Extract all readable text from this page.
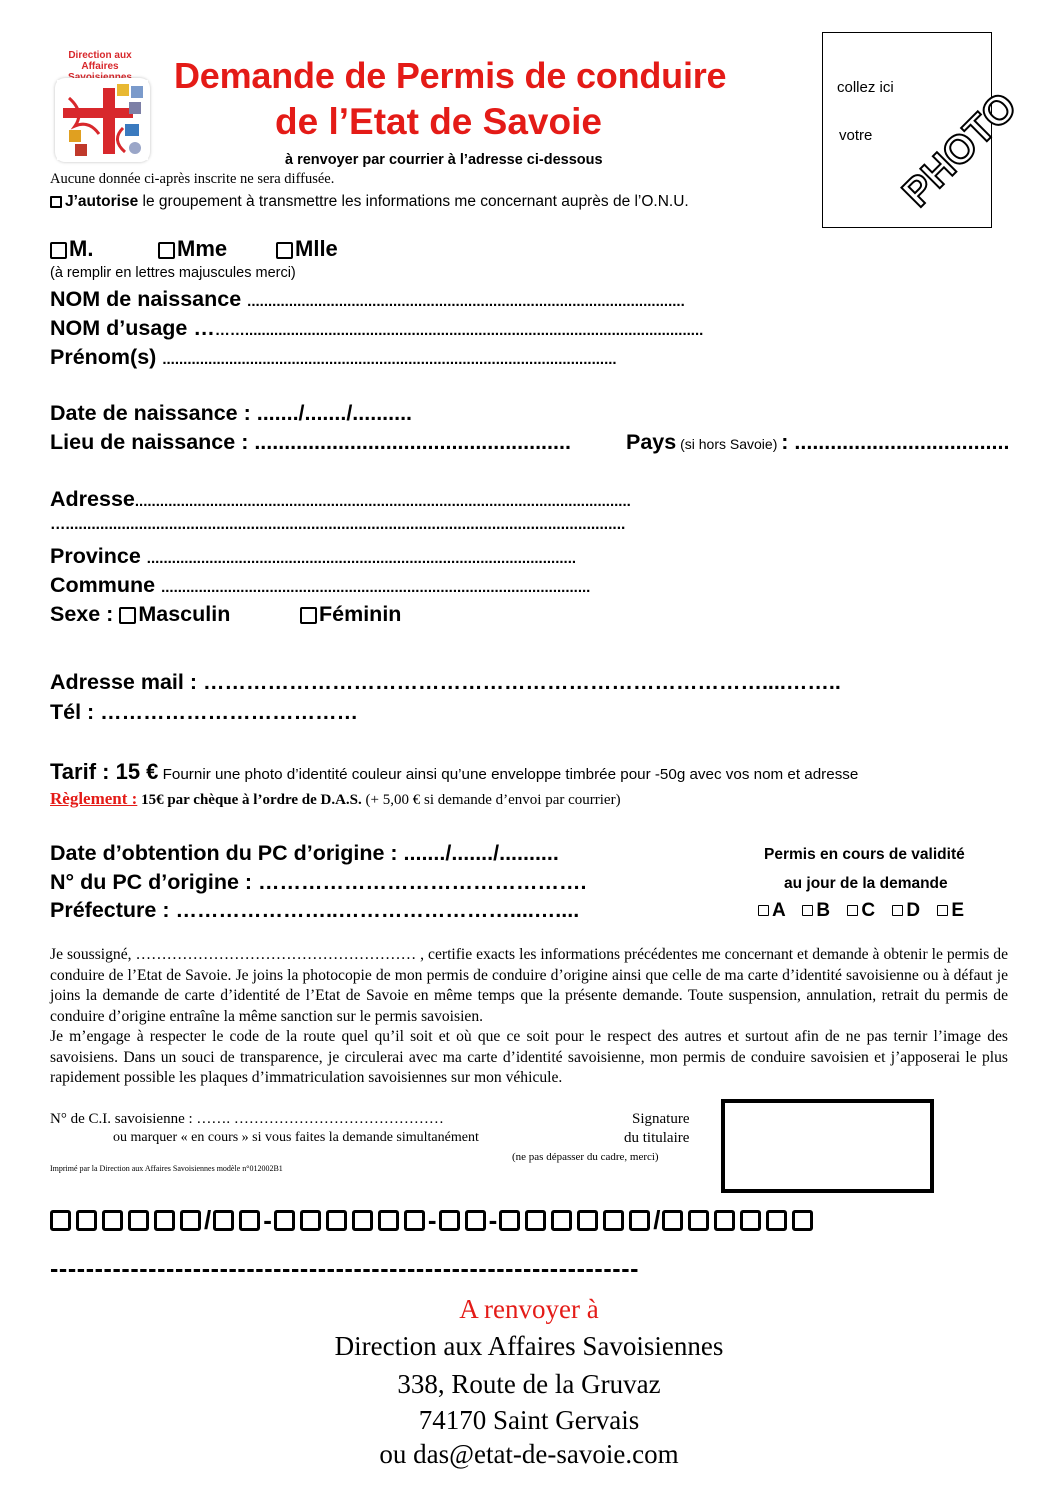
Direction aux
Affaires	Demande de Permis de conduire
de l’Etat de Savoie
à renvoyer par courrier à l’adresse ci-dessous
Aucune donnée ci-après inscrite ne sera diffusée.
J’autorise le groupement à transmettre les informations me concernant auprès de l’O.N.U.
collez ici
votre PHOTO
M.	Mme	Mlle
(à remplir en lettres majuscules merci)
NOM de naissance .........................................................................................................
NOM d’usage ………..............................................................................................................
Prénom(s) .............................................................................................................
Date de naissance : ......./......./..........
Lieu de naissance : .....................................................	Pays (si hors Savoie) : ....................................
Adresse.......................................................................................................................
…..................................................................................................................................
Province .......................................................................................................
Commune .......................................................................................................
Sexe : Masculin	Féminin
Adresse mail : ……………………………………………………………………....……..
Tél : ………………………………
Tarif : 15 € Fournir une photo d’identité couleur ainsi qu’une enveloppe timbrée pour -50g avec vos nom et adresse
Règlement : 15€ par chèque à l’ordre de D.A.S. (+ 5,00 € si demande d’envoi par courrier)
Date d’obtention du PC d’origine : ......./......./..........
N° du PC d’origine : ……………………………………….
Préfecture : …………………..……………………....…....
Permis en cours de validité
au jour de la demande
A B C D E
Je soussigné, ……………………………………………… , certifie exacts les informations précédentes me concernant et demande à obtenir le permis de conduire de l’Etat de Savoie. Je joins la photocopie de mon permis de conduire d’origine ainsi que celle de ma carte d’identité savoisienne ou à défaut je joins la demande de carte d’identité de l’Etat de Savoie en même temps que la présente demande. Toute suspension, annulation, retrait du permis de conduire d’origine entraîne la même sanction sur le permis savoisien.
Je m’engage à respecter le code de la route quel qu’il soit et où que ce soit pour le respect des autres et surtout afin de ne pas ternir l’image des savoisiens. Dans un souci de transparence, je circulerai avec ma carte d’identité savoisienne, mon permis de conduire savoisien et j’apposerai le plus rapidement possible les plaques d’immatriculation savoisiennes sur mon véhicule.
N° de C.I. savoisienne : ……. ……………………………………
ou marquer « en cours » si vous faites la demande simultanément
Signature
du titulaire
(ne pas dépasser du cadre, merci)
Imprimé par la Direction aux Affaires Savoisiennes modèle n°012002B1
/ -	- -	/
------------------------------------------------------------------
A renvoyer à
Direction aux Affaires Savoisiennes
338, Route de la Gruvaz
74170 Saint Gervais
ou das@etat-de-savoie.com
